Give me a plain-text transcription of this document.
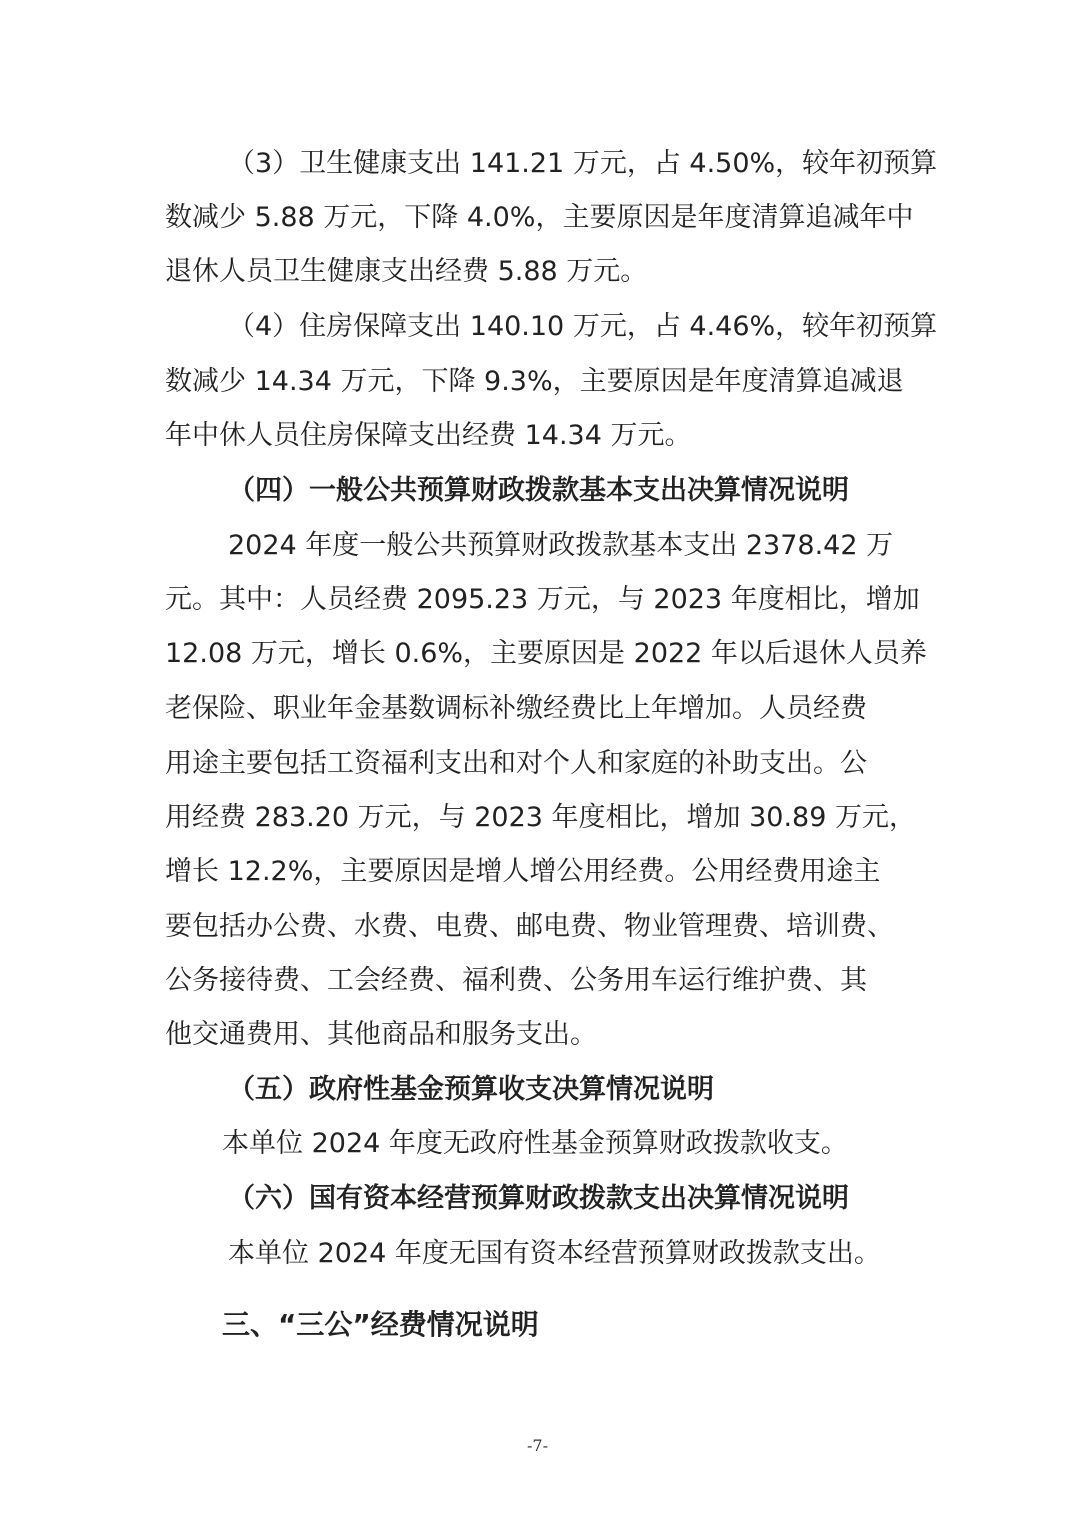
（3）卫生健康支出 141.21 万元，占 4.50%，较年初预算
数减少 5.88 万元，下降 4.0%，主要原因是年度清算追减年中
退休人员卫生健康支出经费 5.88 万元。
（4）住房保障支出 140.10 万元，占 4.46%，较年初预算
数减少 14.34 万元，下降 9.3%，主要原因是年度清算追减退
年中休人员住房保障支出经费 14.34 万元。
（四）一般公共预算财政拨款基本支出决算情况说明
2024 年度一般公共预算财政拨款基本支出 2378.42 万
元。其中：人员经费 2095.23 万元，与 2023 年度相比，增加
12.08 万元，增长 0.6%，主要原因是 2022 年以后退休人员养
老保险、职业年金基数调标补缴经费比上年增加。人员经费
用途主要包括工资福利支出和对个人和家庭的补助支出。公
用经费 283.20 万元，与 2023 年度相比，增加 30.89 万元，
增长 12.2%，主要原因是增人增公用经费。公用经费用途主
要包括办公费、水费、电费、邮电费、物业管理费、培训费、
公务接待费、工会经费、福利费、公务用车运行维护费、其
他交通费用、其他商品和服务支出。
（五）政府性基金预算收支决算情况说明
本单位 2024 年度无政府性基金预算财政拨款收支。
（六）国有资本经营预算财政拨款支出决算情况说明
本单位 2024 年度无国有资本经营预算财政拨款支出。
三、“三公”经费情况说明
-7-
